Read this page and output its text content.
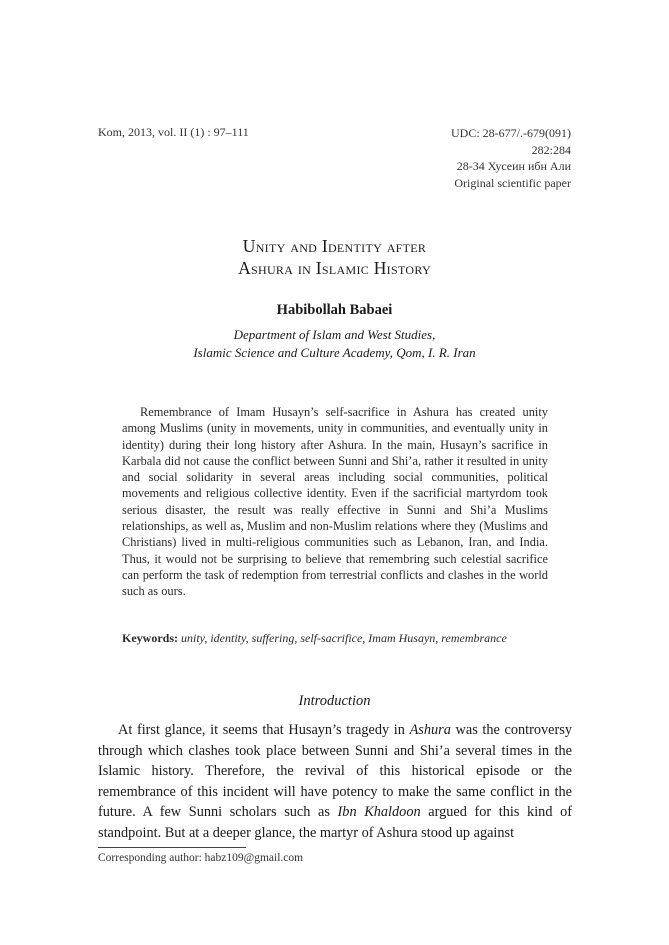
Kom, 2013, vol. II (1) : 97–111	UDC: 28-677/.-679(091)
282:284
28-34 Хусеин ибн Али
Original scientific paper
Unity and Identity after
Ashura in Islamic History
Habibollah Babaei
Department of Islam and West Studies,
Islamic Science and Culture Academy, Qom, I. R. Iran

Remembrance of Imam Husayn’s self-sacrifice in Ashura has created unity among Muslims (unity in movements, unity in communities, and eventually unity in identity) during their long history after Ashura. In the main, Husayn’s sacrifice in Karbala did not cause the conflict between Sunni and Shi’a, rather it resulted in unity and social solidarity in several areas including social communities, political movements and religious collective identity. Even if the sacrificial martyrdom took serious disaster, the result was really effective in Sunni and Shi’a Muslims relationships, as well as, Muslim and non-Muslim relations where they (Muslims and Christians) lived in multi-religious communities such as Lebanon, Iran, and India. Thus, it would not be surprising to believe that remembring such celestial sacrifice can perform the task of redemption from terrestrial conflicts and clashes in the world such as ours.

Keywords: unity, identity, suffering, self-sacrifice, Imam Husayn, remembrance
Introduction

At first glance, it seems that Husayn’s tragedy in Ashura was the controversy through which clashes took place between Sunni and Shi’a several times in the Islamic history. Therefore, the revival of this historical episode or the remembrance of this incident will have potency to make the same conflict in the future. A few Sunni scholars such as Ibn Khaldoon argued for this kind of standpoint. But at a deeper glance, the martyr of Ashura stood up against

Corresponding author: habz109@gmail.com
